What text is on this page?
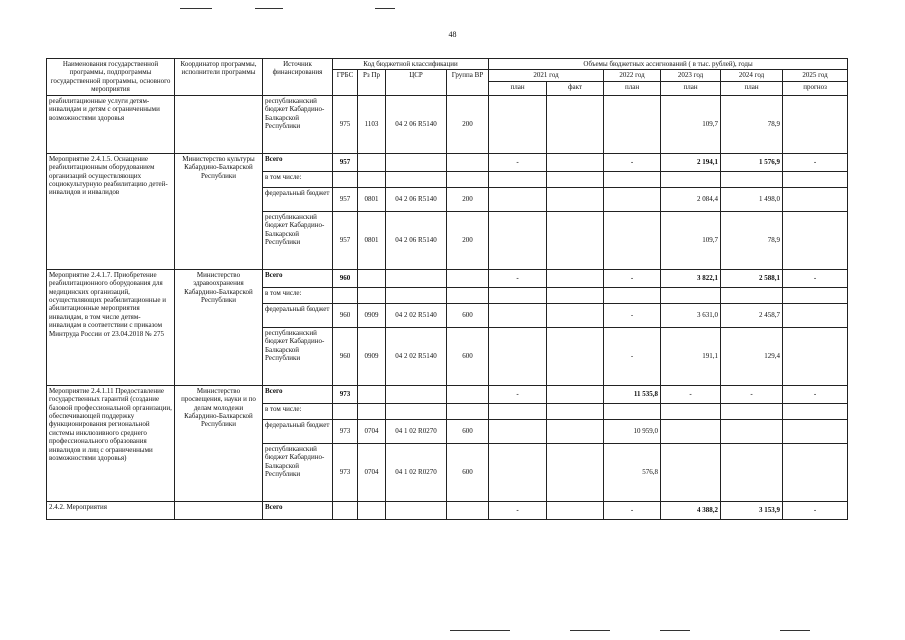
48
Наименования государственной программы, подпрограммы государственной программы, основного мероприятия	Координатор программы, исполнители программы	Источник финансирования	Код бюджетной классификации				Объемы бюджетных ассигнований ( в тыс. рублей), годы					
			ГРБС	Рз Пр	ЦСР	Группа ВР	2021 год		2022 год	2023 год	2024 год	2025 год
							план	факт	план	план	план	прогноз
реабилитационные услуги детям-инвалидам и детям с ограниченными возможностями здоровья		республиканский бюджет Кабардино-Балкарской Республики	975	1103	04 2 06 R5140	200				109,7	78,9	
Мероприятие 2.4.1.5. Оснащение реабилитационным оборудованием организаций осуществляющих социокультурную реабилитацию детей-инвалидов и инвалидов	Министерство культуры Кабардино-Балкарской Республики	Всего	957				-		-	2 194,1	1 576,9	-
		в том числе:										
		федеральный бюджет	957	0801	04 2 06 R5140	200				2 084,4	1 498,0	
		республиканский бюджет Кабардино-Балкарской Республики	957	0801	04 2 06 R5140	200				109,7	78,9	
Мероприятие 2.4.1.7. Приобретение реабилитационного оборудования для медицинских организаций, осуществляющих реабилитационные и абилитационные мероприятия инвалидам, в том числе детям-инвалидам в соответствии с приказом Минтруда России от 23.04.2018 № 275	Министерство здравоохранения Кабардино-Балкарской Республики	Всего	960				-		-	3 822,1	2 588,1	-
		в том числе:										
		федеральный бюджет	960	0909	04 2 02 R5140	600			-	3 631,0	2 458,7	
		республиканский бюджет Кабардино-Балкарской Республики	960	0909	04 2 02 R5140	600			-	191,1	129,4	
Мероприятие 2.4.1.11 Предоставление государственных гарантий (создание базовой профессиональной организации, обеспечивающей поддержку функционирования региональной системы инклюзивного среднего профессионального образования инвалидов и лиц с ограниченными возможностями здоровья)	Министерство просвещения, науки и по делам молодежи Кабардино-Балкарской Республики	Всего	973				-		11 535,8	-	-	-
		в том числе:										
		федеральный бюджет	973	0704	04 1 02 R0270	600			10 959,0			
		республиканский бюджет Кабардино-Балкарской Республики	973	0704	04 1 02 R0270	600			576,8			
2.4.2. Мероприятия		Всего					-		-	4 388,2	3 153,9	-
